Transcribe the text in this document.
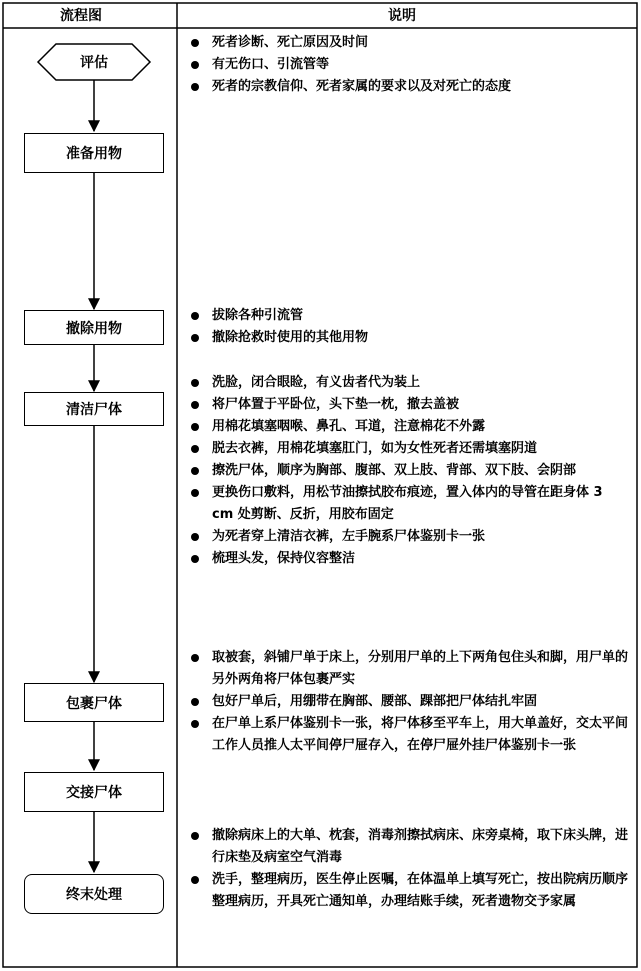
流程图	说明
评估
准备用物
撤除用物
清洁尸体
包裹尸体
交接尸体
终末处理
死者诊断、死亡原因及时间
有无伤口、引流管等
死者的宗教信仰、死者家属的要求以及对死亡的态度
拔除各种引流管
撤除抢救时使用的其他用物
洗脸，闭合眼睑，有义齿者代为装上
将尸体置于平卧位，头下垫一枕，撤去盖被
用棉花填塞咽喉、鼻孔、耳道，注意棉花不外露
脱去衣裤，用棉花填塞肛门，如为女性死者还需填塞阴道
擦洗尸体，顺序为胸部、腹部、双上肢、背部、双下肢、会阴部
更换伤口敷料，用松节油擦拭胶布痕迹，置入体内的导管在距身体 3 cm 处剪断、反折，用胶布固定
为死者穿上清洁衣裤，左手腕系尸体鉴别卡一张
梳理头发，保持仪容整洁
取被套，斜铺尸单于床上，分别用尸单的上下两角包住头和脚，用尸单的另外两角将尸体包裹严实
包好尸单后，用绷带在胸部、腰部、踝部把尸体结扎牢固
在尸单上系尸体鉴别卡一张，将尸体移至平车上，用大单盖好，交太平间工作人员推人太平间停尸屉存入，在停尸屉外挂尸体鉴别卡一张
撤除病床上的大单、枕套，消毒剂擦拭病床、床旁桌椅，取下床头牌，进行床垫及病室空气消毒
洗手，整理病历，医生停止医嘱，在体温单上填写死亡，按出院病历顺序整理病历，开具死亡通知单，办理结账手续，死者遗物交予家属
